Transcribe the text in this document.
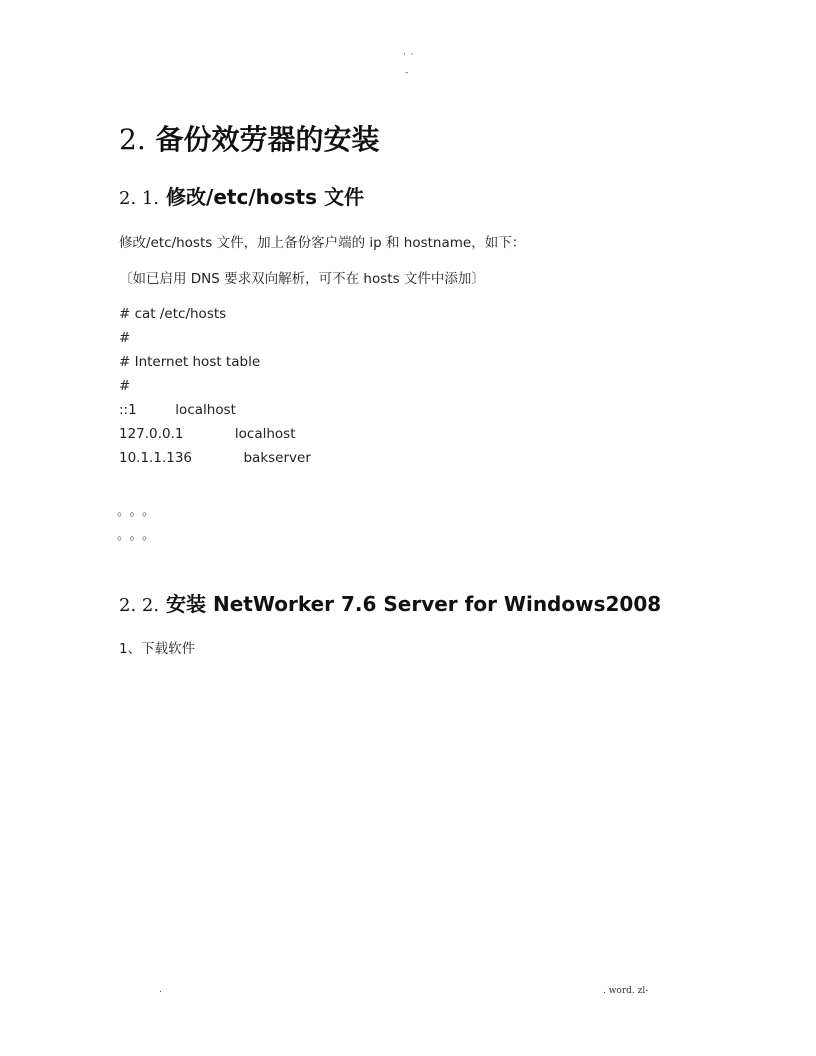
· ·
-
2. 备份效劳器的安装
2. 1. 修改/etc/hosts 文件
修改/etc/hosts 文件，加上备份客户端的 ip 和 hostname，如下：
〔如已启用 DNS 要求双向解析，可不在 hosts 文件中添加〕
# cat /etc/hosts
#
# Internet host table
#
::1         localhost
127.0.0.1            localhost
10.1.1.136            bakserver
。。。
。。。
2. 2. 安装 NetWorker 7.6 Server for Windows2008
1、下载软件
.	. word. zl-
